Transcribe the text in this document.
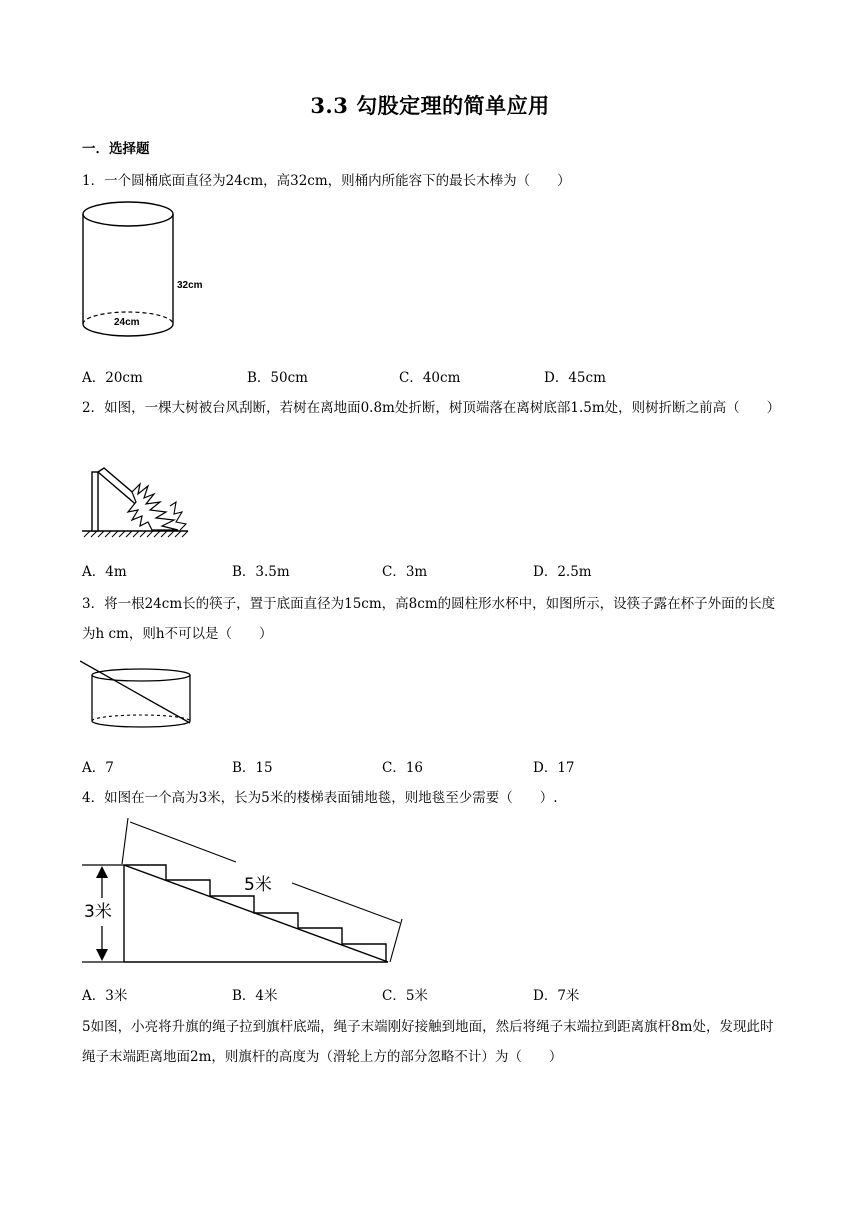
3.3 勾股定理的简单应用
一．选择题
1．一个圆桶底面直径为24cm，高32cm，则桶内所能容下的最长木棒为（　　）
32cm
24cm
A．20cm	B．50cm	C．40cm	D．45cm
2．如图，一棵大树被台风刮断，若树在离地面0.8m处折断，树顶端落在离树底部1.5m处，则树折断之前高（　　）
A．4m	B．3.5m	C．3m	D．2.5m
3．将一根24cm长的筷子，置于底面直径为15cm，高8cm的圆柱形水杯中，如图所示，设筷子露在杯子外面的长度为h cm，则h不可以是（　　）
A．7	B．15	C．16	D．17
4．如图在一个高为3米，长为5米的楼梯表面铺地毯，则地毯至少需要（　　）.
3米
5米
A．3米	B．4米	C．5米	D．7米
5如图，小亮将升旗的绳子拉到旗杆底端，绳子末端刚好接触到地面，然后将绳子末端拉到距离旗杆8m处，发现此时绳子末端距离地面2m，则旗杆的高度为（滑轮上方的部分忽略不计）为（　　）
